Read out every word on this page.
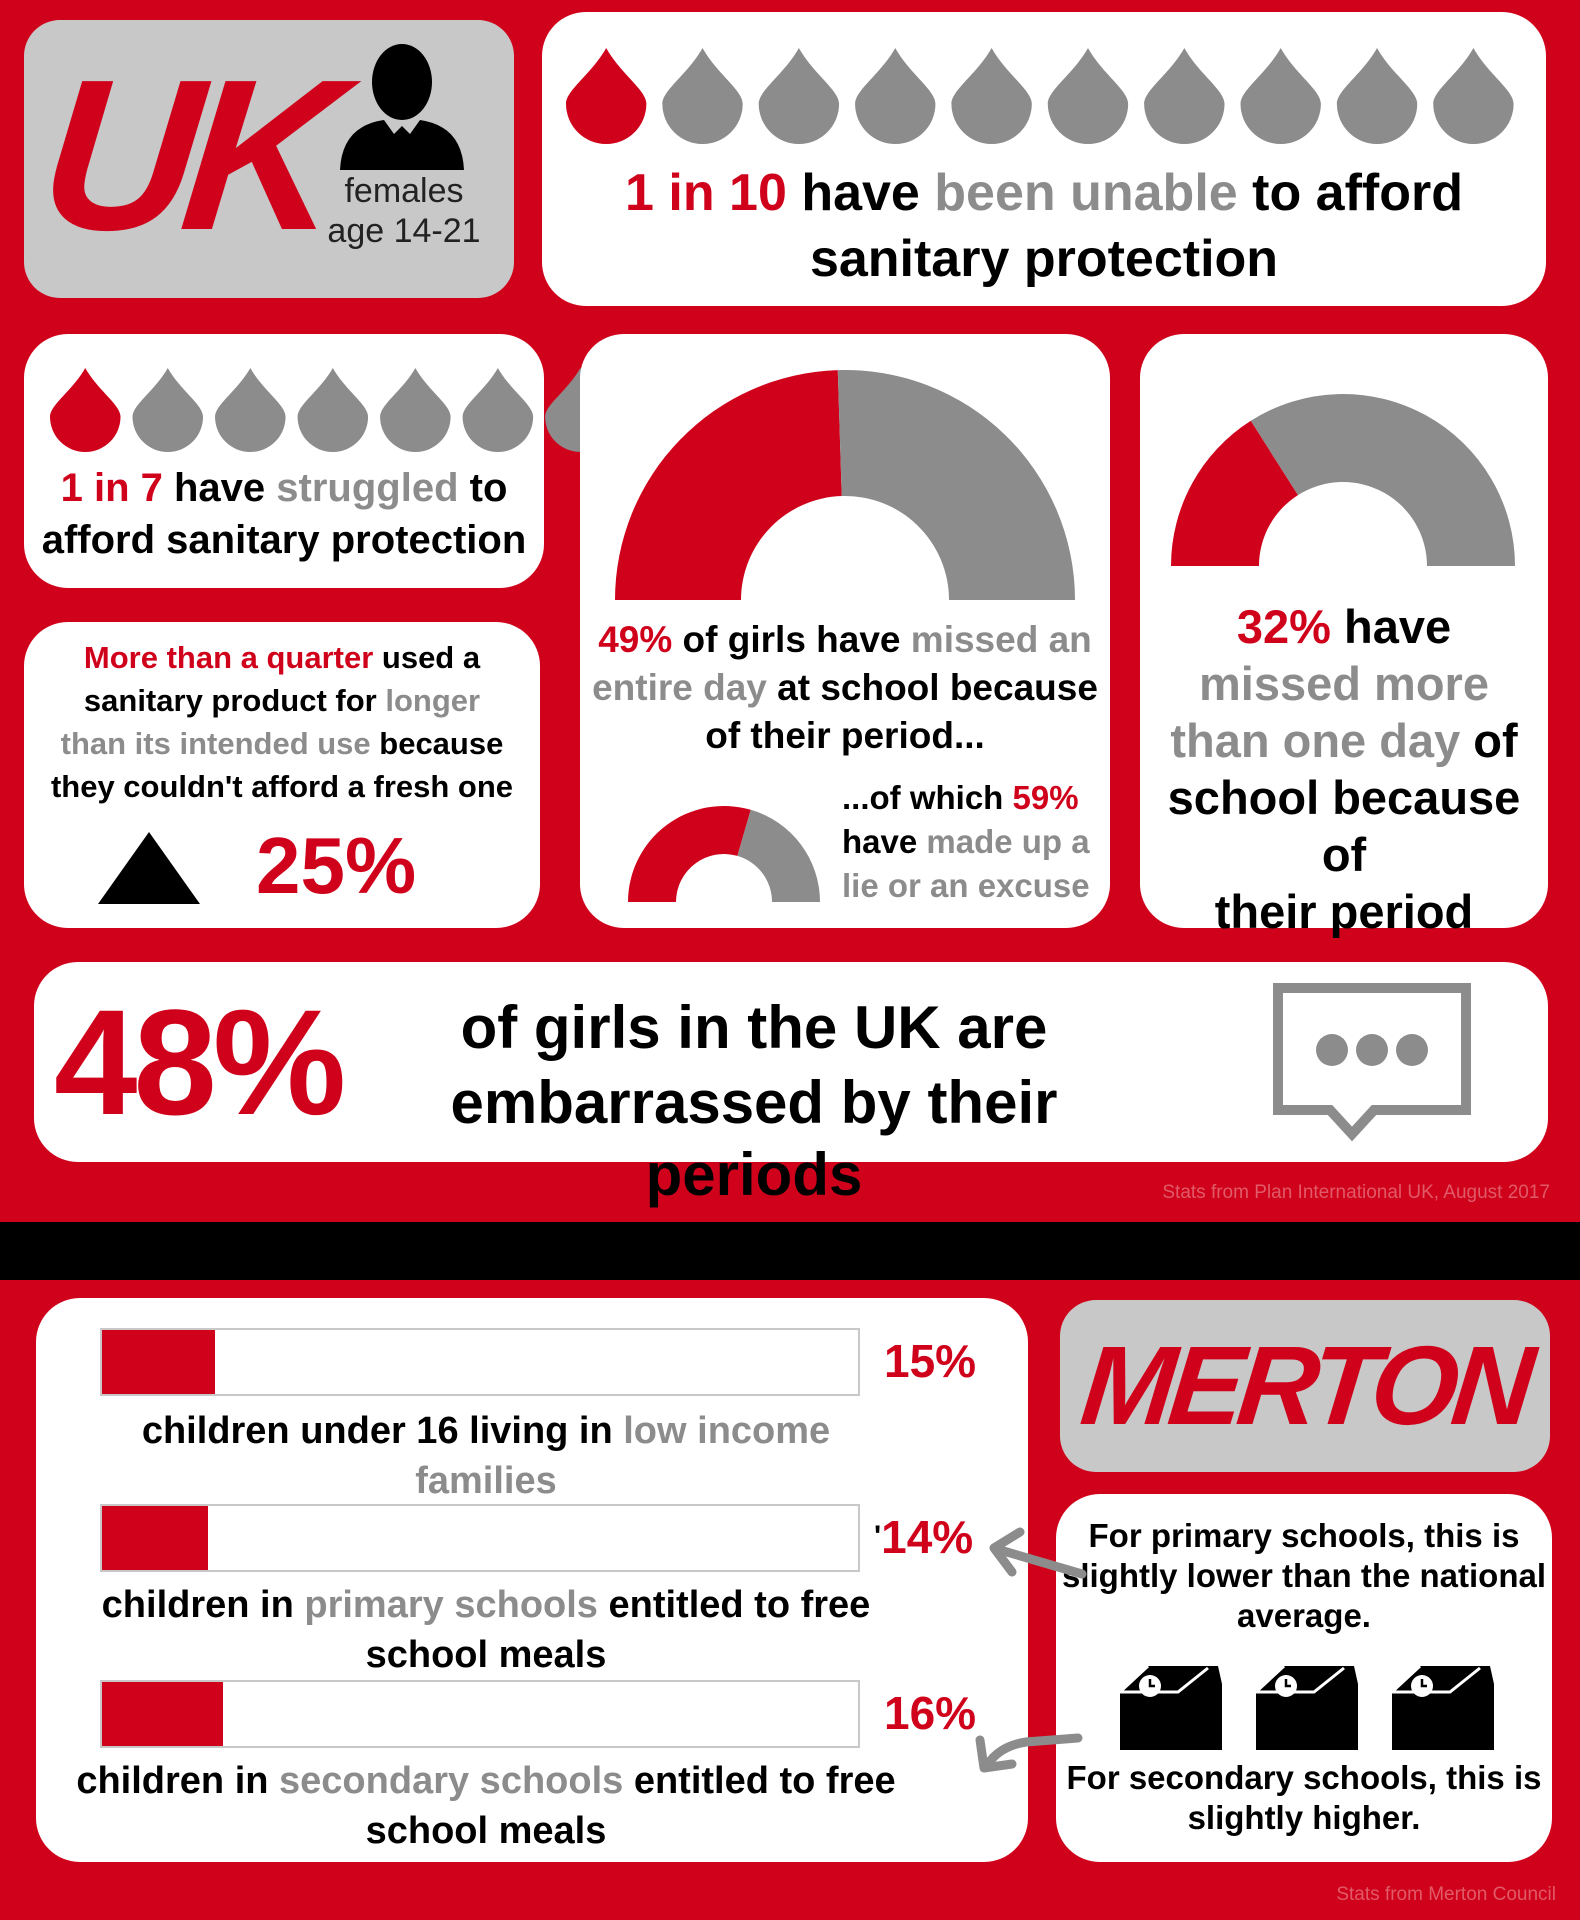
UK females
age 14-21
1 in 10 have been unable to afford
sanitary protection
1 in 7 have struggled to
afford sanitary protection
More than a quarter used a
sanitary product for longer
than its intended use because
they couldn't afford a fresh one
25%
49% of girls have missed an
entire day at school because
of their period...
...of which 59%
have made up a
lie or an excuse
32% have
missed more
than one day of
school because of
their period
48%	of girls in the UK are
embarrassed by their periods	Stats from Plan International UK, August 2017
15%
children under 16 living in low income
families
'14%
children in primary schools entitled to free
school meals
16%
children in secondary schools entitled to free
school meals
MERTON
For primary schools, this is
slightly lower than the national
average.
For secondary schools, this is
slightly higher.
Stats from Merton Council
